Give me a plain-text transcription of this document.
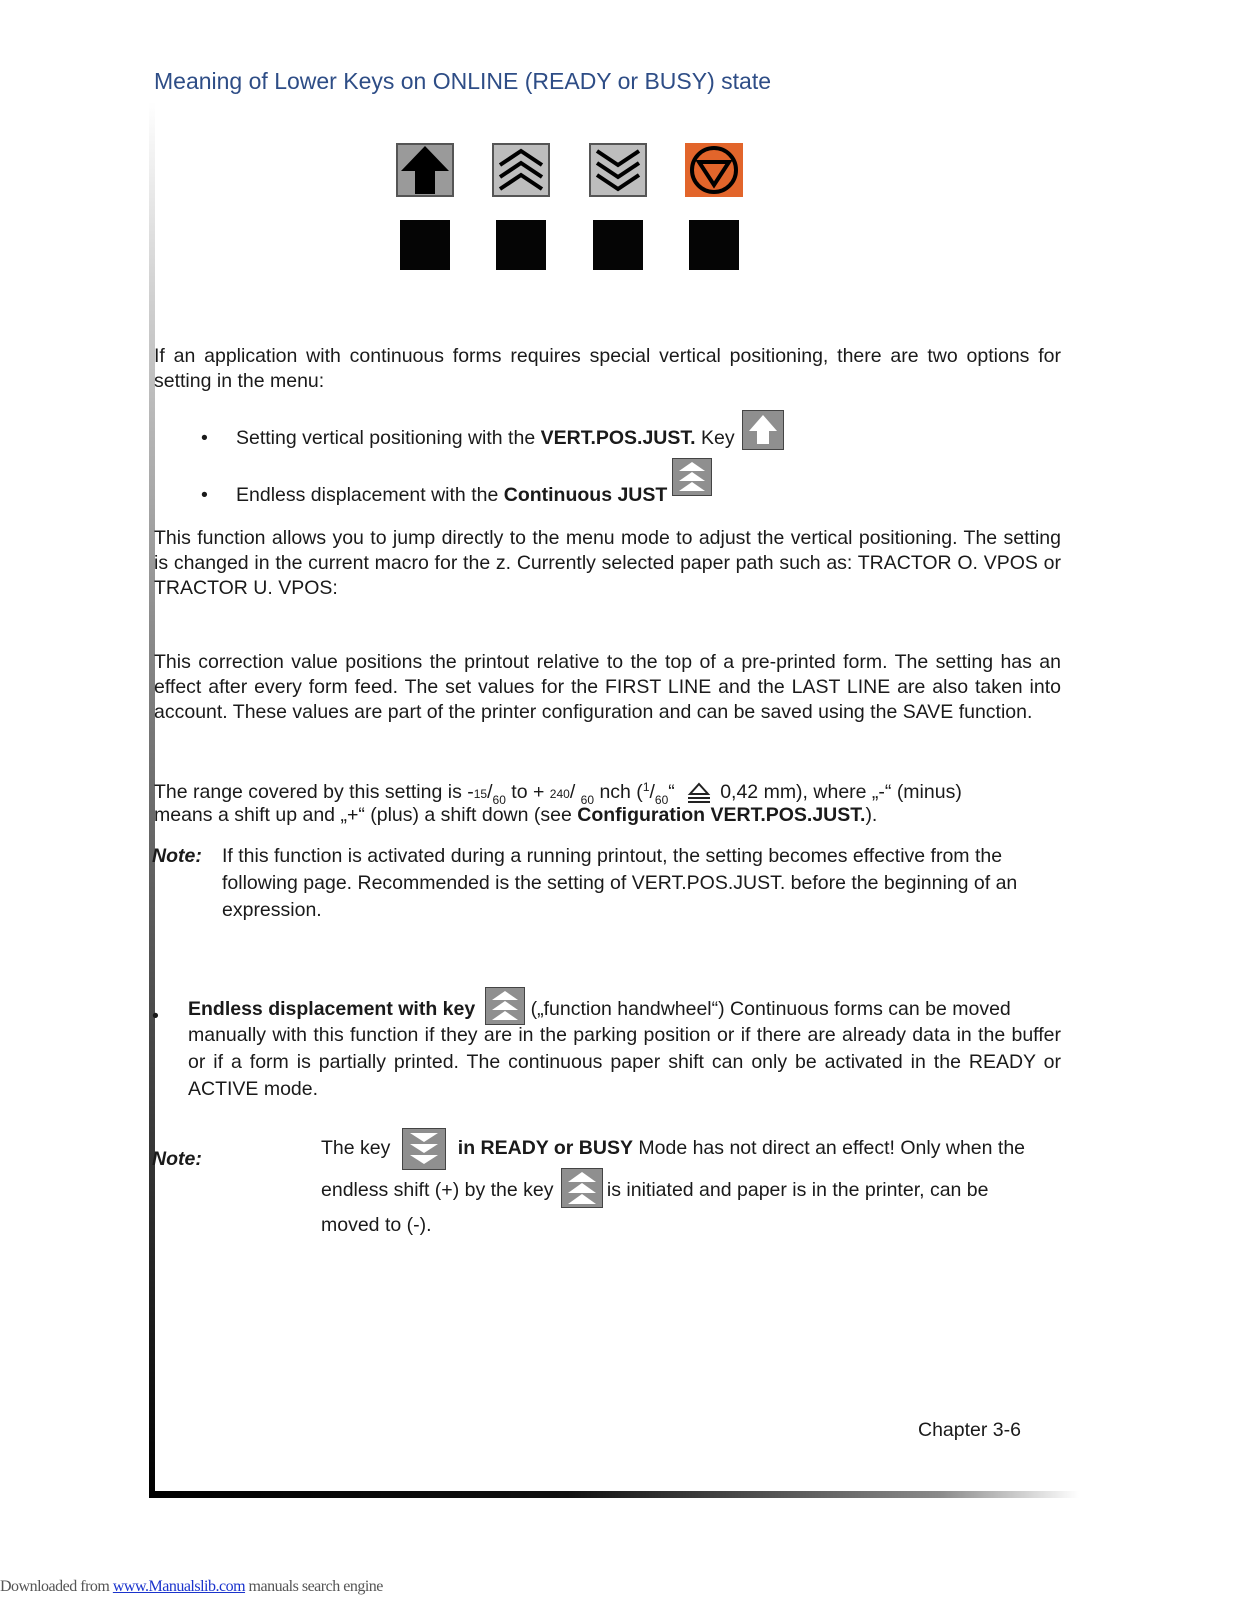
Meaning of Lower Keys on ONLINE (READY or BUSY) state

If an application with continuous forms requires special vertical positioning, there are two options for setting in the menu:

• Setting vertical positioning with the VERT.POS.JUST. Key
• Endless displacement with the Continuous JUST

This function allows you to jump directly to the menu mode to adjust the vertical positioning. The setting is changed in the current macro for the z. Currently selected paper path such as: TRACTOR O. VPOS or TRACTOR U. VPOS:

This correction value positions the printout relative to the top of a pre-printed form. The setting has an effect after every form feed. The set values for the FIRST LINE and the LAST LINE are also taken into account. These values are part of the printer configuration and can be saved using the SAVE function.

The range covered by this setting is $-15/_{60}$ to + 240/ $_{60}$ nch ($^1/_{60}“$ 0,42 mm), where „-“ (minus)
means a shift up and „+“ (plus) a shift down (see Configuration VERT.POS.JUST.).
Note: If this function is activated during a running printout, the setting becomes effective from the following page. Recommended is the setting of VERT.POS.JUST. before the beginning of an expression.

• Endless displacement with key	(„function handwheel“) Continuous forms can be moved

manually with this function if they are in the parking position or if there are already data in the buffer or if a form is partially printed. The continuous paper shift can only be activated in the READY or ACTIVE mode.

Note:	The key	in READY or BUSY Mode has not direct an effect! Only when the
endless shift (+) by the key	is initiated and paper is in the printer, can be
moved to (-).
Chapter 3-6
Downloaded from www.Manualslib.com manuals search engine
